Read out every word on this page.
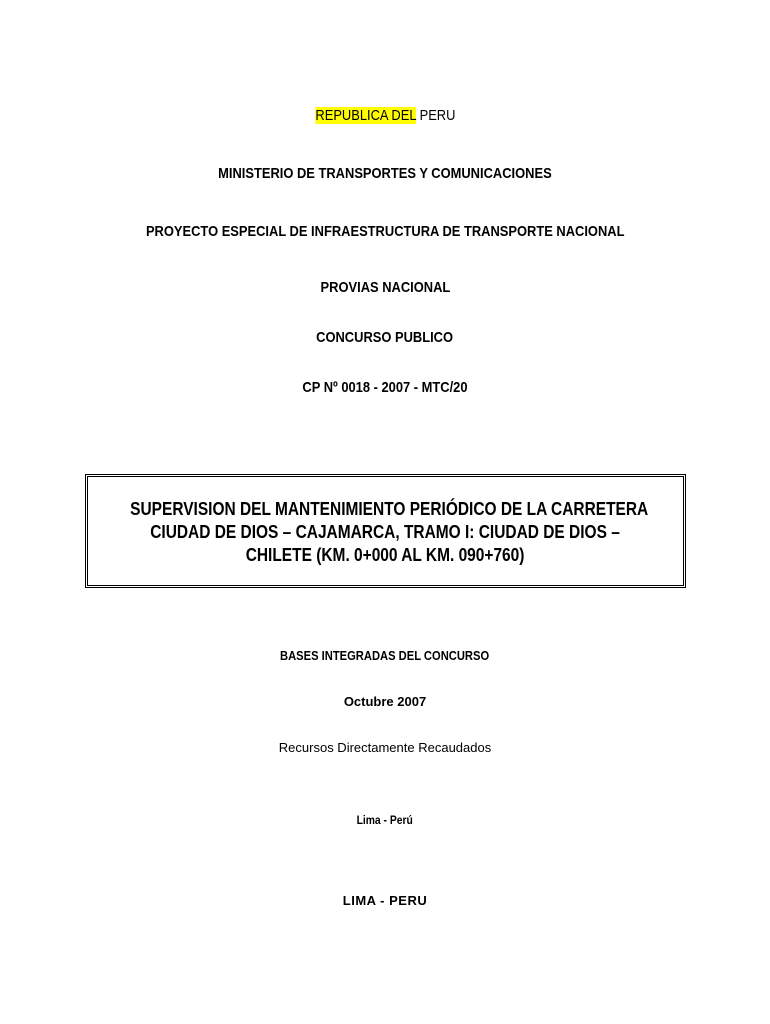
REPUBLICA DEL PERU
MINISTERIO DE TRANSPORTES Y COMUNICACIONES
PROYECTO ESPECIAL DE INFRAESTRUCTURA DE TRANSPORTE NACIONAL
PROVIAS NACIONAL
CONCURSO PUBLICO
CP Nº 0018 - 2007 - MTC/20
SUPERVISION DEL MANTENIMIENTO PERIÓDICO DE LA CARRETERA
CIUDAD DE DIOS – CAJAMARCA, TRAMO I: CIUDAD DE DIOS –
CHILETE (KM. 0+000 AL KM. 090+760)
BASES INTEGRADAS DEL CONCURSO
Octubre 2007
Recursos Directamente Recaudados
Lima - Perú
LIMA - PERU
